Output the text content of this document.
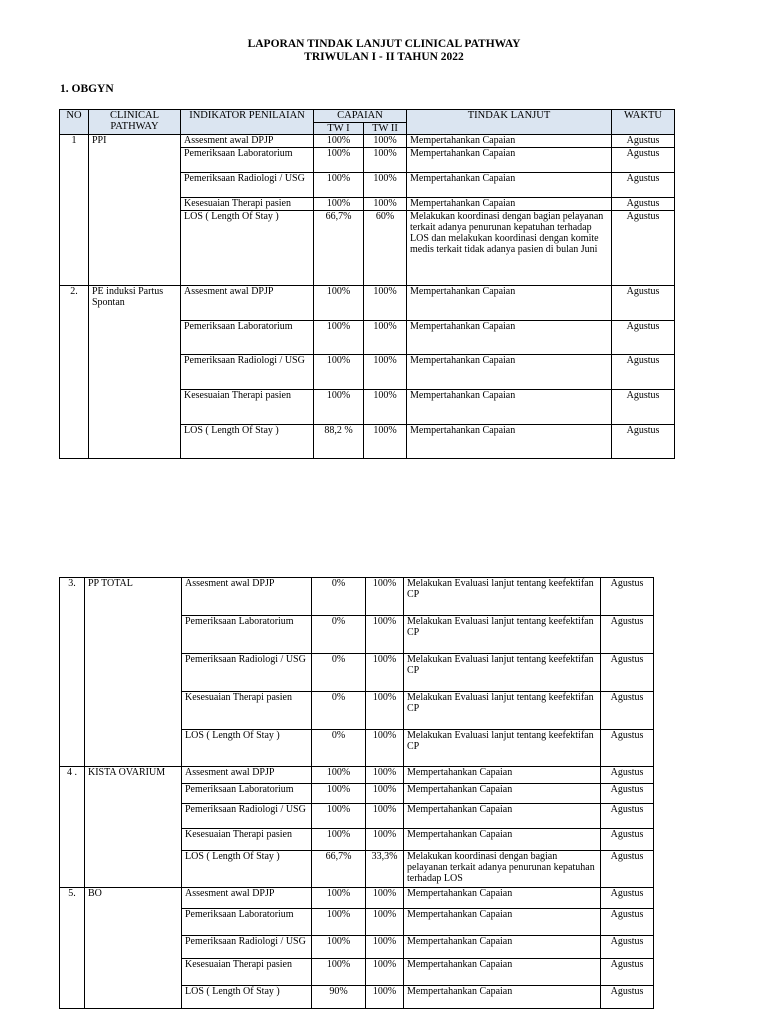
LAPORAN TINDAK LANJUT CLINICAL PATHWAY
TRIWULAN I - II TAHUN 2022
1. OBGYN
NO	CLINICAL PATHWAY	INDIKATOR PENILAIAN	CAPAIAN		TINDAK LANJUT	WAKTU
			TW I	TW II		
1	PPI	Assesment awal DPJP	100%	100%	Mempertahankan Capaian	Agustus
		Pemeriksaan Laboratorium	100%	100%	Mempertahankan Capaian	Agustus
		Pemeriksaan Radiologi / USG	100%	100%	Mempertahankan Capaian	Agustus
		Kesesuaian Therapi pasien	100%	100%	Mempertahankan Capaian	Agustus
		LOS ( Length Of Stay )	66,7%	60%	Melakukan koordinasi dengan bagian pelayanan terkait adanya penurunan kepatuhan terhadap LOS dan melakukan koordinasi dengan komite medis terkait tidak adanya pasien di bulan Juni	Agustus
2.	PE induksi Partus Spontan	Assesment awal DPJP	100%	100%	Mempertahankan Capaian	Agustus
		Pemeriksaan Laboratorium	100%	100%	Mempertahankan Capaian	Agustus
		Pemeriksaan Radiologi / USG	100%	100%	Mempertahankan Capaian	Agustus
		Kesesuaian Therapi pasien	100%	100%	Mempertahankan Capaian	Agustus
		LOS ( Length Of Stay )	88,2 %	100%	Mempertahankan Capaian	Agustus
3.	PP TOTAL	Assesment awal DPJP	0%	100%	Melakukan Evaluasi lanjut tentang keefektifan CP	Agustus
		Pemeriksaan Laboratorium	0%	100%	Melakukan Evaluasi lanjut tentang keefektifan CP	Agustus
		Pemeriksaan Radiologi / USG	0%	100%	Melakukan Evaluasi lanjut tentang keefektifan CP	Agustus
		Kesesuaian Therapi pasien	0%	100%	Melakukan Evaluasi lanjut tentang keefektifan CP	Agustus
		LOS ( Length Of Stay )	0%	100%	Melakukan Evaluasi lanjut tentang keefektifan CP	Agustus
4 .	KISTA OVARIUM	Assesment awal DPJP	100%	100%	Mempertahankan Capaian	Agustus
		Pemeriksaan Laboratorium	100%	100%	Mempertahankan Capaian	Agustus
		Pemeriksaan Radiologi / USG	100%	100%	Mempertahankan Capaian	Agustus
		Kesesuaian Therapi pasien	100%	100%	Mempertahankan Capaian	Agustus
		LOS ( Length Of Stay )	66,7%	33,3%	Melakukan koordinasi dengan bagian pelayanan terkait adanya penurunan kepatuhan terhadap LOS	Agustus
5.	BO	Assesment awal DPJP	100%	100%	Mempertahankan Capaian	Agustus
		Pemeriksaan Laboratorium	100%	100%	Mempertahankan Capaian	Agustus
		Pemeriksaan Radiologi / USG	100%	100%	Mempertahankan Capaian	Agustus
		Kesesuaian Therapi pasien	100%	100%	Mempertahankan Capaian	Agustus
		LOS ( Length Of Stay )	90%	100%	Mempertahankan Capaian	Agustus
